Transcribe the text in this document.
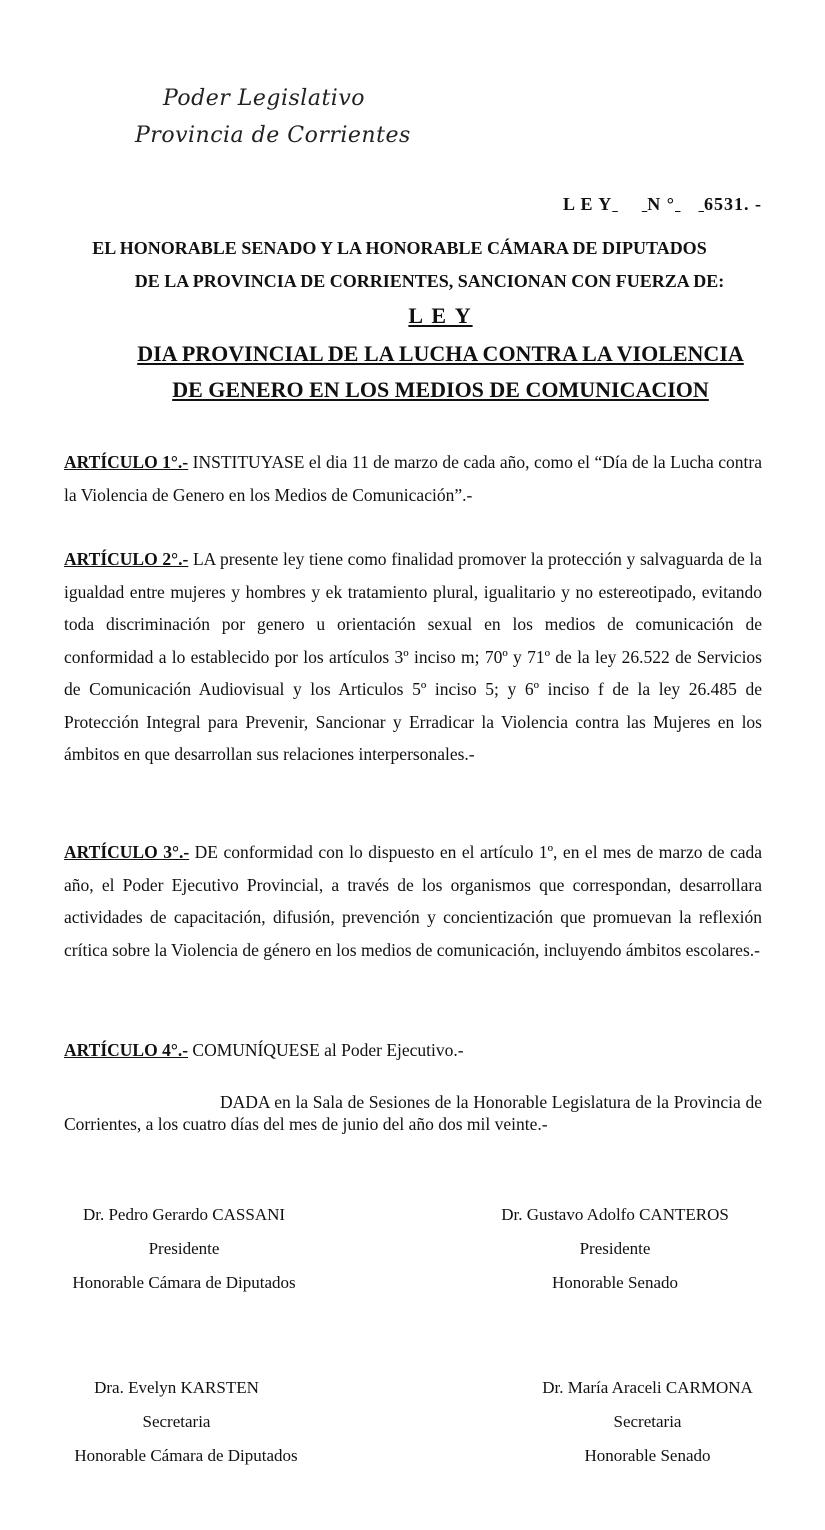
Poder Legislativo
Provincia de Corrientes
L E Y N ° 6531. -
EL HONORABLE SENADO Y LA HONORABLE CÁMARA DE DIPUTADOS
DE LA PROVINCIA DE CORRIENTES, SANCIONAN CON FUERZA DE:
L E Y
DIA PROVINCIAL DE LA LUCHA CONTRA LA VIOLENCIA
DE GENERO EN LOS MEDIOS DE COMUNICACION
ARTÍCULO 1°.- INSTITUYASE el dia 11 de marzo de cada año, como el “Día de la Lucha contra la Violencia de Genero en los Medios de Comunicación”.-
ARTÍCULO 2°.- LA presente ley tiene como finalidad promover la protección y salvaguarda de la igualdad entre mujeres y hombres y ek tratamiento plural, igualitario y no estereotipado, evitando toda discriminación por genero u orientación sexual en los medios de comunicación de conformidad a lo establecido por los artículos 3º inciso m; 70º y 71º de la ley 26.522 de Servicios de Comunicación Audiovisual y los Articulos 5º inciso 5; y 6º inciso f de la ley 26.485 de Protección Integral para Prevenir, Sancionar y Erradicar la Violencia contra las Mujeres en los ámbitos en que desarrollan sus relaciones interpersonales.-
ARTÍCULO 3°.- DE conformidad con lo dispuesto en el artículo 1º, en el mes de marzo de cada año, el Poder Ejecutivo Provincial, a través de los organismos que correspondan, desarrollara actividades de capacitación, difusión, prevención y concientización que promuevan la reflexión crítica sobre la Violencia de género en los medios de comunicación, incluyendo ámbitos escolares.-
ARTÍCULO 4°.- COMUNÍQUESE al Poder Ejecutivo.-
DADA en la Sala de Sesiones de la Honorable Legislatura de la Provincia de Corrientes, a los cuatro días del mes de junio del año dos mil veinte.-
Dr. Pedro Gerardo CASSANI
Presidente
Honorable Cámara de Diputados
Dr. Gustavo Adolfo CANTEROS
Presidente
Honorable Senado
Dra. Evelyn KARSTEN
Secretaria
Honorable Cámara de Diputados
Dr. María Araceli CARMONA
Secretaria
Honorable Senado
